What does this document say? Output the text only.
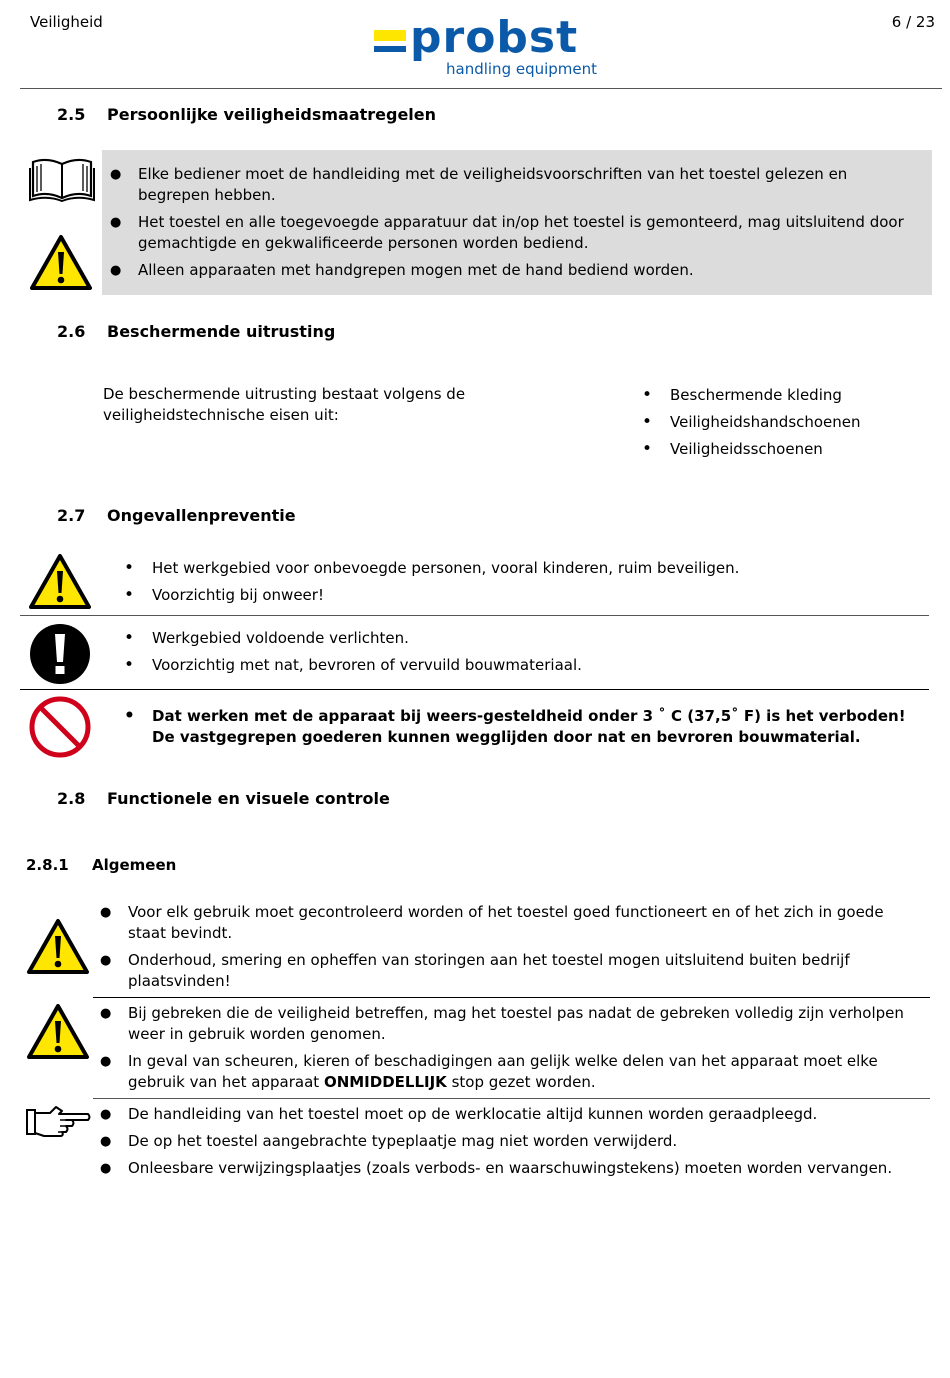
Veiligheid	6 / 23
probst
handling equipment
2.5 Persoonlijke veiligheidsmaatregelen
● Elke bediener moet de handleiding met de veiligheidsvoorschriften van het toestel gelezen en begrepen hebben.
● Het toestel en alle toegevoegde apparatuur dat in/op het toestel is gemonteerd, mag uitsluitend door gemachtigde en gekwalificeerde personen worden bediend.
● Alleen apparaaten met handgrepen mogen met de hand bediend worden.
2.6 Beschermende uitrusting
De beschermende uitrusting bestaat volgens de veiligheidstechnische eisen uit:
• Beschermende kleding
• Veiligheidshandschoenen
• Veiligheidsschoenen
2.7 Ongevallenpreventie
• Het werkgebied voor onbevoegde personen, vooral kinderen, ruim beveiligen.
• Voorzichtig bij onweer!
• Werkgebied voldoende verlichten.
• Voorzichtig met nat, bevroren of vervuild bouwmateriaal.
• Dat werken met de apparaat bij weers-gesteldheid onder 3 ˚ C (37,5˚ F) is het verboden!
De vastgegrepen goederen kunnen wegglijden door nat en bevroren bouwmaterial.
2.8 Functionele en visuele controle
2.8.1 Algemeen
● Voor elk gebruik moet gecontroleerd worden of het toestel goed functioneert en of het zich in goede staat bevindt.
● Onderhoud, smering en opheffen van storingen aan het toestel mogen uitsluitend buiten bedrijf plaatsvinden!
● Bij gebreken die de veiligheid betreffen, mag het toestel pas nadat de gebreken volledig zijn verholpen weer in gebruik worden genomen.
● In geval van scheuren, kieren of beschadigingen aan gelijk welke delen van het apparaat moet elke gebruik van het apparaat ONMIDDELLIJK stop gezet worden.
● De handleiding van het toestel moet op de werklocatie altijd kunnen worden geraadpleegd.
● De op het toestel aangebrachte typeplaatje mag niet worden verwijderd.
● Onleesbare verwijzingsplaatjes (zoals verbods- en waarschuwingstekens) moeten worden vervangen.
